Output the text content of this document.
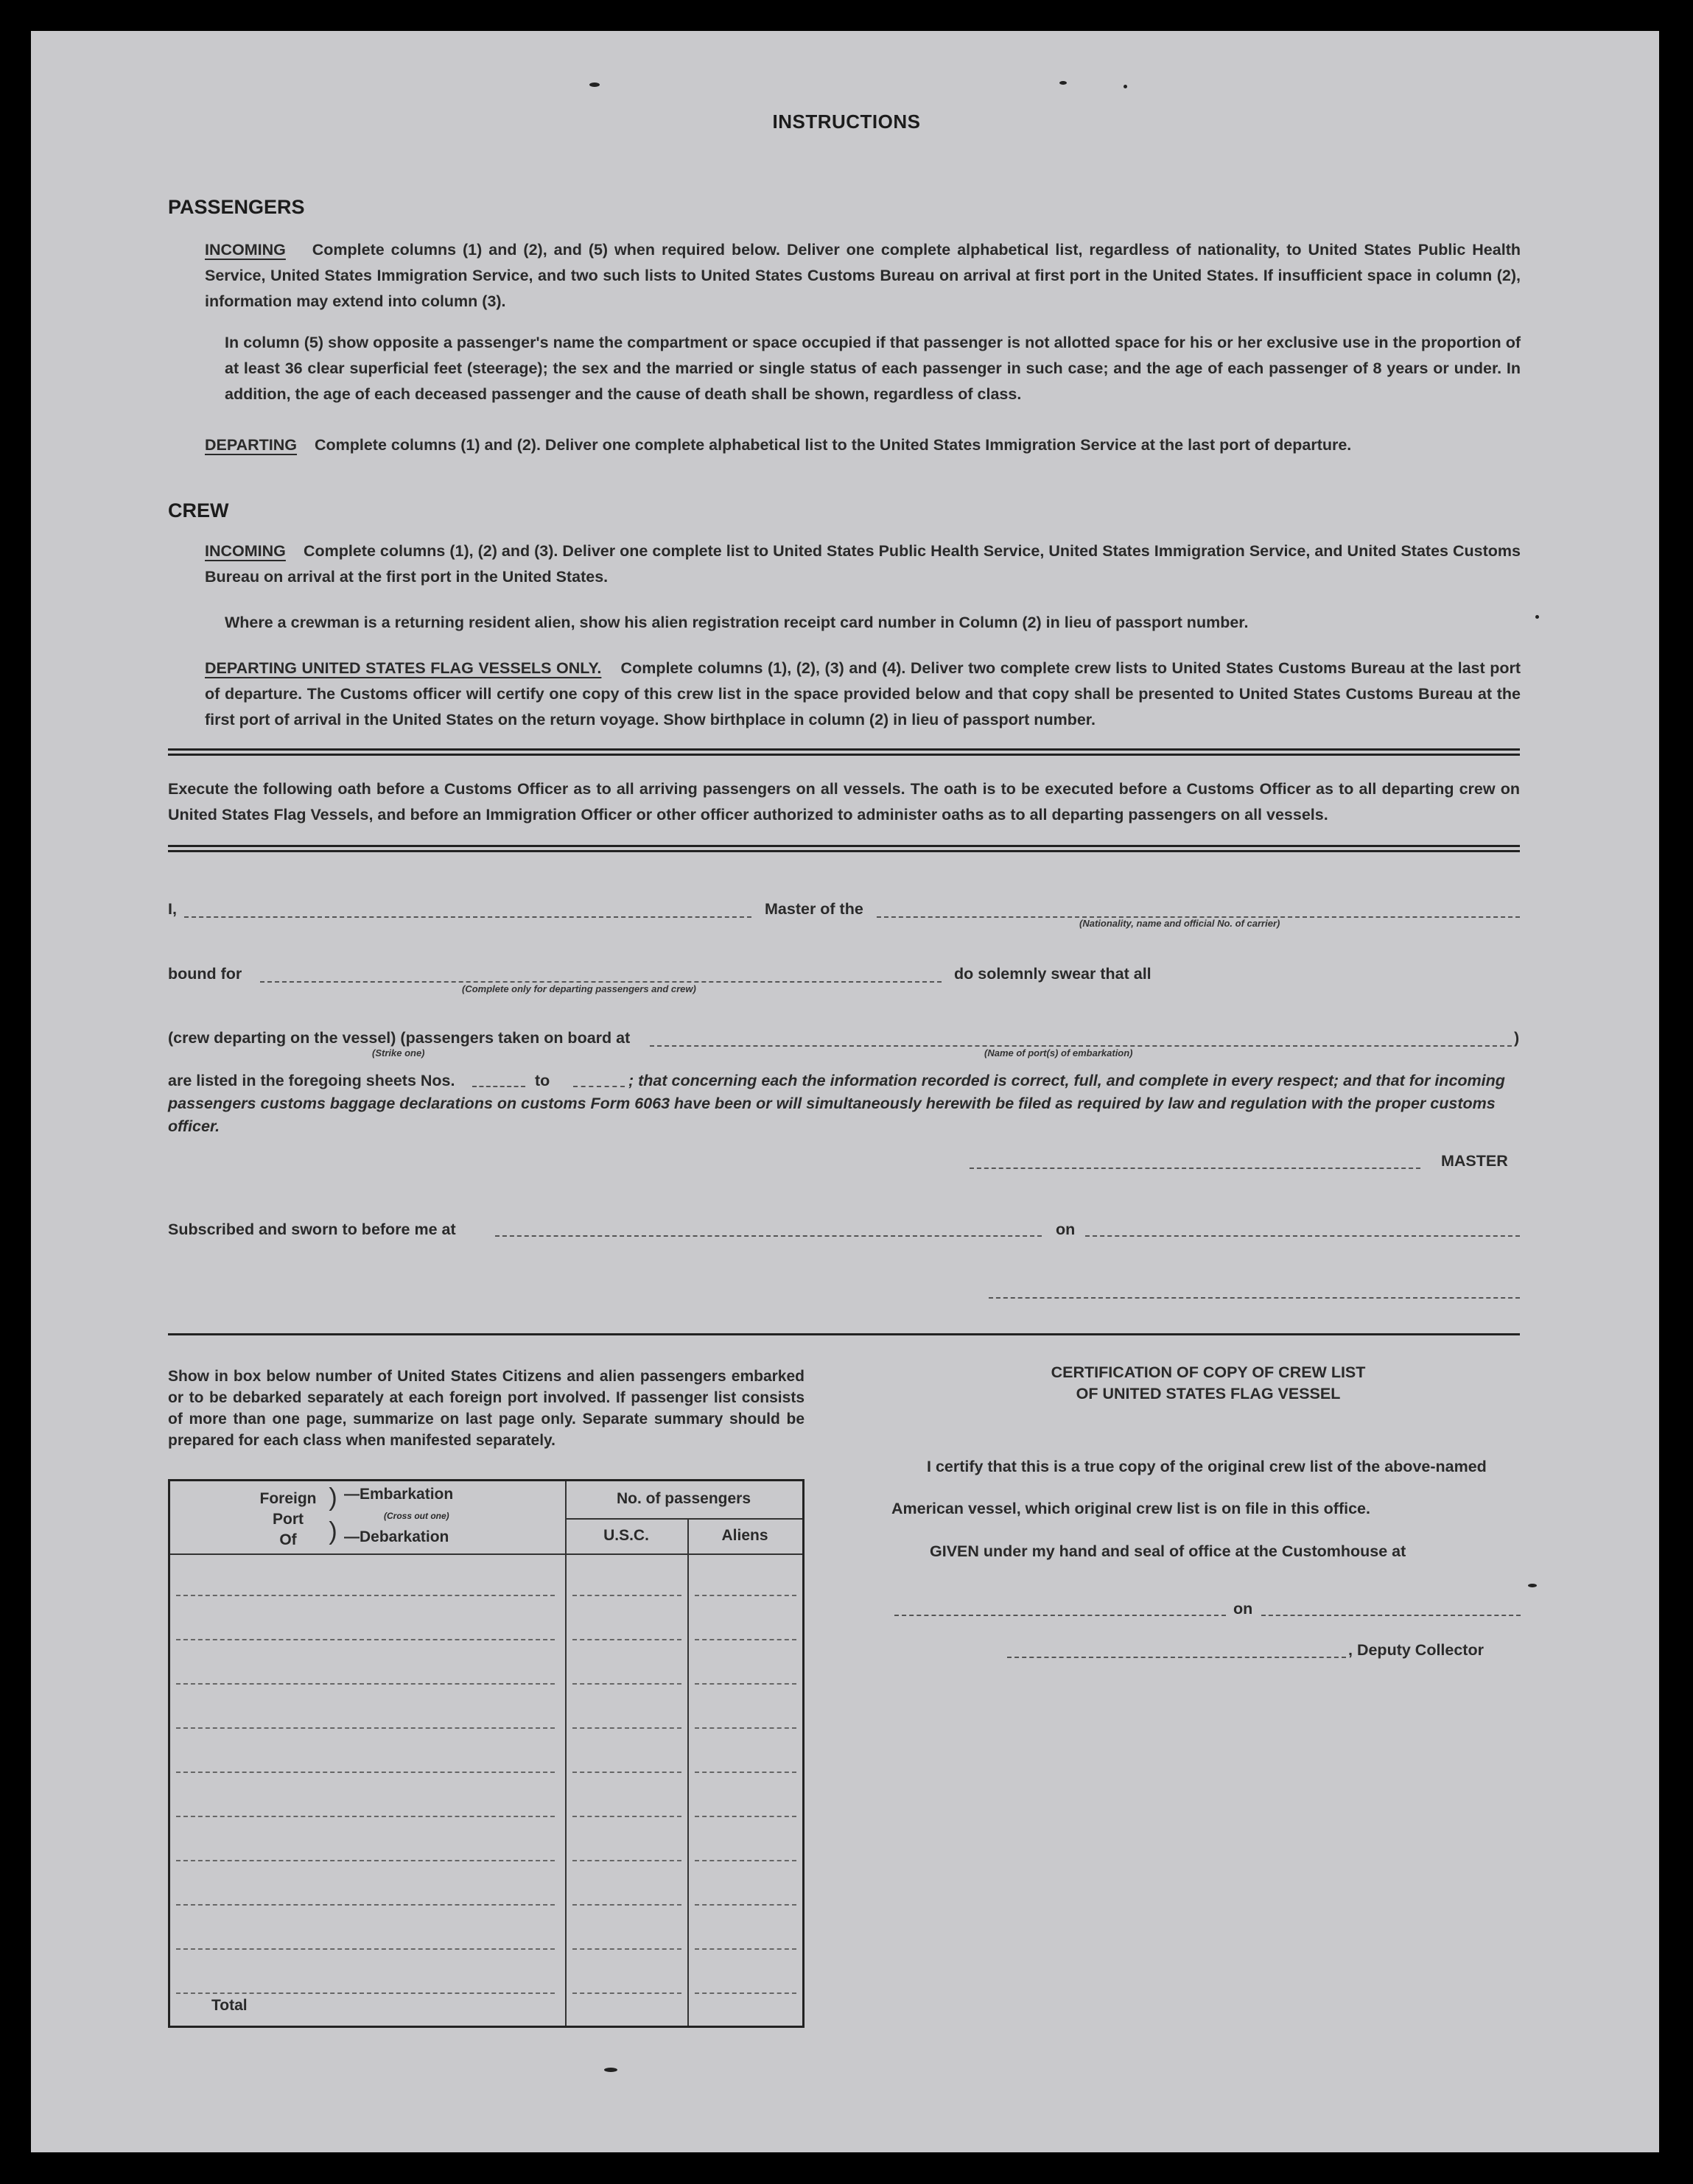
INSTRUCTIONS
PASSENGERS
INCOMING Complete columns (1) and (2), and (5) when required below. Deliver one complete alphabetical list, regardless of nationality, to United States Public Health Service, United States Immigration Service, and two such lists to United States Customs Bureau on arrival at first port in the United States. If insufficient space in column (2), information may extend into column (3).
In column (5) show opposite a passenger's name the compartment or space occupied if that passenger is not allotted space for his or her exclusive use in the proportion of at least 36 clear superficial feet (steerage); the sex and the married or single status of each passenger in such case; and the age of each passenger of 8 years or under. In addition, the age of each deceased passenger and the cause of death shall be shown, regardless of class.
DEPARTING Complete columns (1) and (2). Deliver one complete alphabetical list to the United States Immigration Service at the last port of departure.
CREW
INCOMING Complete columns (1), (2) and (3). Deliver one complete list to United States Public Health Service, United States Immigration Service, and United States Customs Bureau on arrival at the first port in the United States.
Where a crewman is a returning resident alien, show his alien registration receipt card number in Column (2) in lieu of passport number.
DEPARTING UNITED STATES FLAG VESSELS ONLY. Complete columns (1), (2), (3) and (4). Deliver two complete crew lists to United States Customs Bureau at the last port of departure. The Customs officer will certify one copy of this crew list in the space provided below and that copy shall be presented to United States Customs Bureau at the first port of arrival in the United States on the return voyage. Show birthplace in column (2) in lieu of passport number.
Execute the following oath before a Customs Officer as to all arriving passengers on all vessels. The oath is to be executed before a Customs Officer as to all departing crew on United States Flag Vessels, and before an Immigration Officer or other officer authorized to administer oaths as to all departing passengers on all vessels.
I,	Master of the
(Nationality, name and official No. of carrier)
bound for
(Complete only for departing passengers and crew)
do solemnly swear that all
(crew departing on the vessel) (passengers taken on board at	)
(Strike one)	(Name of port(s) of embarkation)
are listed in the foregoing sheets Nos.	to	; that concerning each the information recorded is correct, full, and complete in every respect; and that for incoming
passengers customs baggage declarations on customs Form 6063 have been or will simultaneously herewith be filed as required by law and regulation with the proper customs
officer.
MASTER
Subscribed and sworn to before me at	on
Show in box below number of United States Citizens and alien passengers embarked or to be debarked separately at each foreign port involved. If passenger list consists of more than one page, summarize on last page only. Separate summary should be prepared for each class when manifested separately.
Foreign
Port
Of
)
)
—Embarkation
(Cross out one)
—Debarkation
No. of passengers
U.S.C.	Aliens
Total
CERTIFICATION OF COPY OF CREW LIST
OF UNITED STATES FLAG VESSEL
I certify that this is a true copy of the original crew list of the above-named
American vessel, which original crew list is on file in this office.
GIVEN under my hand and seal of office at the Customhouse at
on
, Deputy Collector
